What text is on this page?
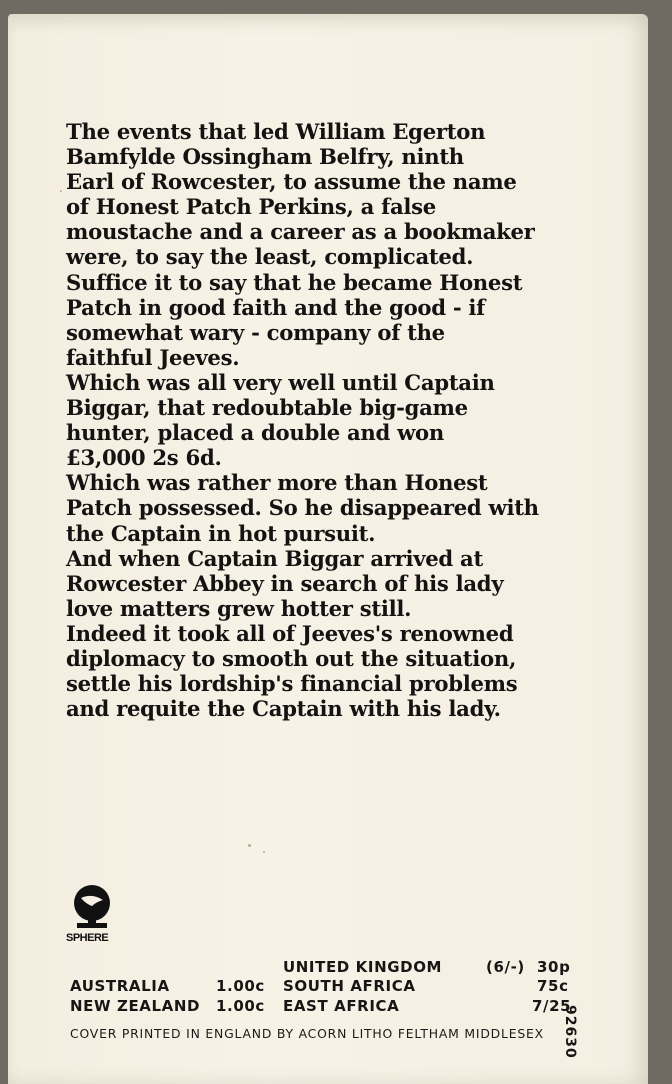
The events that led William Egerton

Bamfylde Ossingham Belfry, ninth

Earl of Rowcester, to assume the name

of Honest Patch Perkins, a false

moustache and a career as a bookmaker

were, to say the least, complicated.

Suffice it to say that he became Honest

Patch in good faith and the good - if

somewhat wary - company of the

faithful Jeeves.

Which was all very well until Captain

Biggar, that redoubtable big-game

hunter, placed a double and won

£3,000 2s 6d.

Which was rather more than Honest

Patch possessed. So he disappeared with

the Captain in hot pursuit.

And when Captain Biggar arrived at

Rowcester Abbey in search of his lady

love matters grew hotter still.

Indeed it took all of Jeeves's renowned

diplomacy to smooth out the situation,

settle his lordship's financial problems

and requite the Captain with his lady.

SPHERE
UNITED KINGDOM	(6/-) 30p
AUSTRALIA	1.00c SOUTH AFRICA	75c
NEW ZEALAND 1.00c EAST AFRICA	7/25
COVER PRINTED IN ENGLAND BY ACORN LITHO FELTHAM MIDDLESEX 92630
